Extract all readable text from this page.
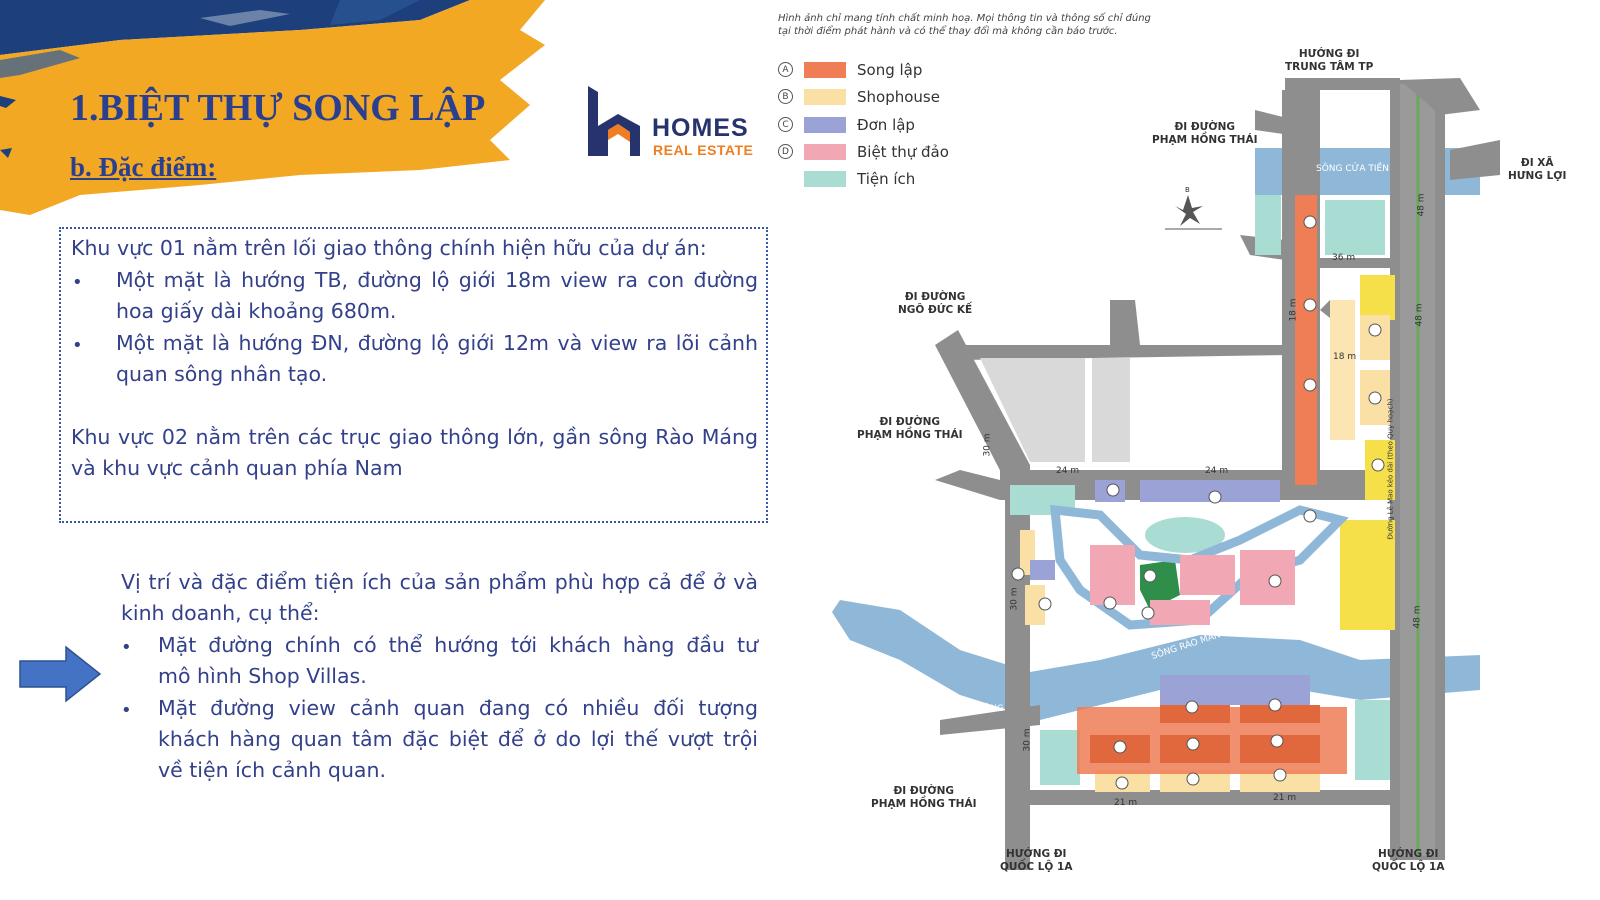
1.BIỆT THỰ SONG LẬP
b. Đặc điểm:
HOMES
REAL ESTATE
Khu vực 01 nằm trên lối giao thông chính hiện hữu của dự án:
• Một mặt là hướng TB, đường lộ giới 18m view ra con đường
hoa giấy dài khoảng 680m.
• Một mặt là hướng ĐN, đường lộ giới 12m và view ra lõi cảnh
quan sông nhân tạo.
Khu vực 02 nằm trên các trục giao thông lớn, gần sông Rào Máng
và khu vực cảnh quan phía Nam
Vị trí và đặc điểm tiện ích của sản phẩm phù hợp cả để ở và
kinh doanh, cụ thể:
• Mặt đường chính có thể hướng tới khách hàng đầu tư
mô hình Shop Villas.
• Mặt đường view cảnh quan đang có nhiều đối tượng
khách hàng quan tâm đặc biệt để ở do lợi thế vượt trội
về tiện ích cảnh quan.
Hình ảnh chỉ mang tính chất minh hoạ. Mọi thông tin và thông số chỉ đúng
tại thời điểm phát hành và có thể thay đổi mà không cần báo trước.
A	Song lập
B	Shophouse
C	Đơn lập
D	Biệt thự đảo
Tiện ích
B
HƯỚNG ĐI
TRUNG TÂM TP
ĐI ĐƯỜNG
PHẠM HỒNG THÁI
ĐI XÃ
HƯNG LỢI
ĐI ĐƯỜNG
NGÔ ĐỨC KẾ
ĐI ĐƯỜNG
PHẠM HỒNG THÁI
ĐI ĐƯỜNG
PHẠM HỒNG THÁI
HƯỚNG ĐI
QUỐC LỘ 1A
HƯỚNG ĐI
QUỐC LỘ 1A
SÔNG CỬA TIỀN
SÔNG RÀO MÁNG
SÔNG RÀO MÁNG
48 m
48 m
48 m
36 m
24 m	24 m
18 m
18 m
30 m
30 m
30 m
21 m	21 m
Đường Lê Mao kéo dài (theo Quy hoạch)
